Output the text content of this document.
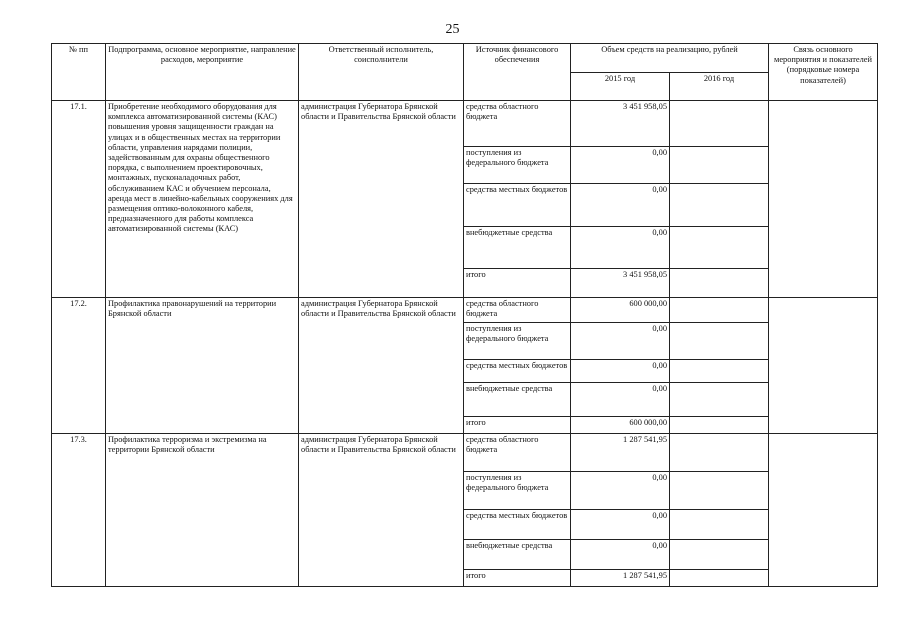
25
№ пп	Подпрограмма, основное мероприятие, направление расходов, мероприятие	Ответственный исполнитель, соисполнители	Источник финансового обеспечения	Объем средств на реализацию, рублей		Связь основного мероприятия и показателей (порядковые номера показателей)
				2015 год	2016 год	
17.1.	Приобретение необходимого оборудования для комплекса автоматизированной системы (КАС) повышения уровня защищенности граждан на улицах и в общественных местах на территории области, управления нарядами полиции, задействованным для охраны общественного порядка, с выполнением проектировочных, монтажных, пусконаладочных работ, обслуживанием КАС и обучением персонала, аренда мест в линейно-кабельных сооружениях для размещения оптико-волоконного кабеля, предназначенного для работы комплекса автоматизированной системы (КАС)	администрация Губернатора Брянской области и Правительства Брянской области	средства областного бюджета	3 451 958,05		
			поступления из федерального бюджета	0,00		
			средства местных бюджетов	0,00		
			внебюджетные средства	0,00		
			итого	3 451 958,05		
17.2.	Профилактика правонарушений на территории Брянской области	администрация Губернатора Брянской области и Правительства Брянской области	средства областного бюджета	600 000,00		
			поступления из федерального бюджета	0,00		
			средства местных бюджетов	0,00		
			внебюджетные средства	0,00		
			итого	600 000,00		
17.3.	Профилактика терроризма и экстремизма на территории Брянской области	администрация Губернатора Брянской области и Правительства Брянской области	средства областного бюджета	1 287 541,95		
			поступления из федерального бюджета	0,00		
			средства местных бюджетов	0,00		
			внебюджетные средства	0,00		
			итого	1 287 541,95		
